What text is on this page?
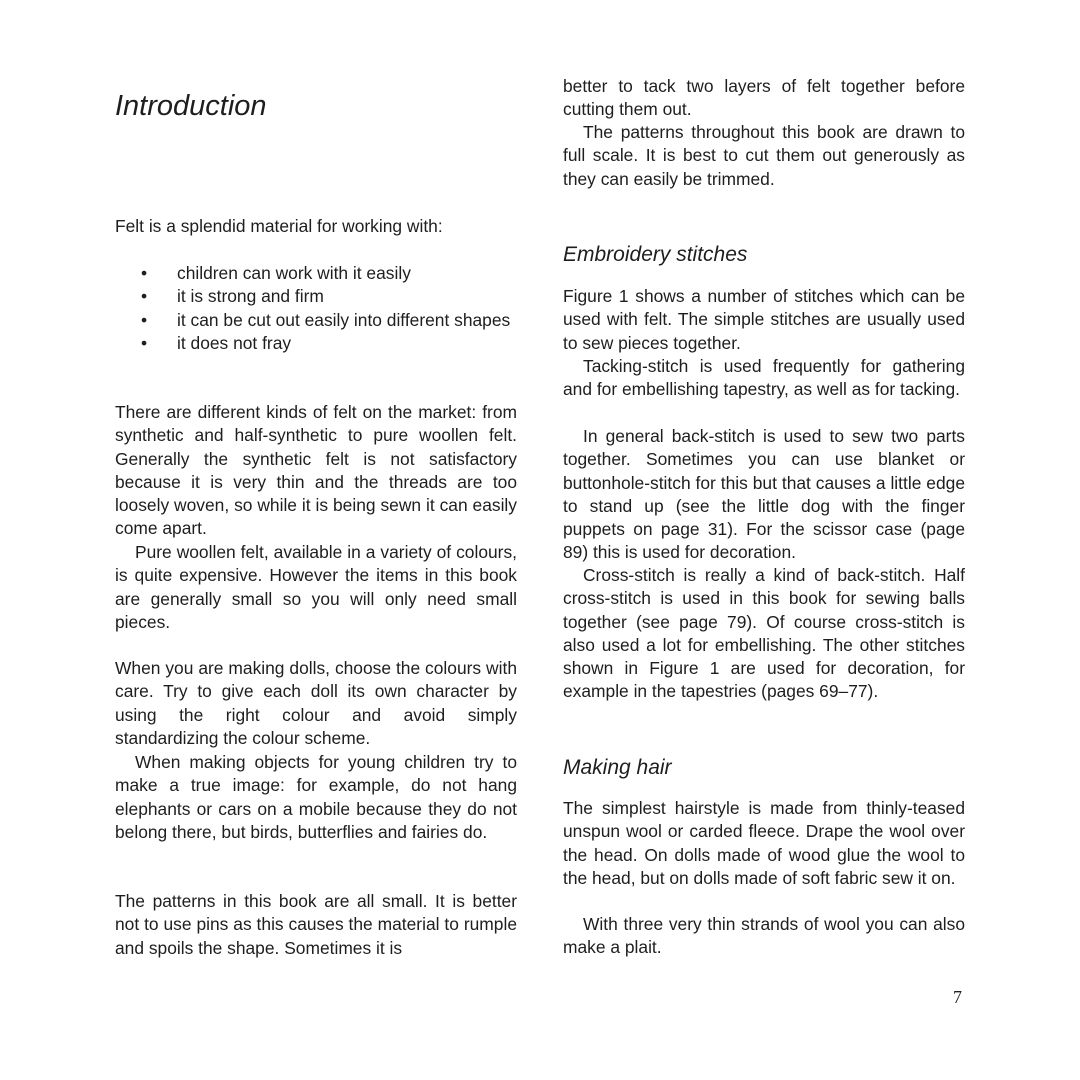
Introduction

Felt is a splendid material for working with:

• children can work with it easily
• it is strong and firm
• it can be cut out easily into different shapes
• it does not fray

There are different kinds of felt on the market: from synthetic and half-synthetic to pure woollen felt. Generally the synthetic felt is not satisfactory because it is very thin and the threads are too loosely woven, so while it is being sewn it can easily come apart.

Pure woollen felt, available in a variety of colours, is quite expensive. However the items in this book are generally small so you will only need small pieces.

When you are making dolls, choose the colours with care. Try to give each doll its own character by using the right colour and avoid simply standardizing the colour scheme.

When making objects for young children try to make a true image: for example, do not hang elephants or cars on a mobile because they do not belong there, but birds, butterflies and fairies do.

The patterns in this book are all small. It is better not to use pins as this causes the material to rumple and spoils the shape. Sometimes it is

better to tack two layers of felt together before cutting them out.

The patterns throughout this book are drawn to full scale. It is best to cut them out generously as they can easily be trimmed.

Embroidery stitches

Figure 1 shows a number of stitches which can be used with felt. The simple stitches are usually used to sew pieces together.

Tacking-stitch is used frequently for gathering and for embellishing tapestry, as well as for tacking.

In general back-stitch is used to sew two parts together. Sometimes you can use blanket or buttonhole-stitch for this but that causes a little edge to stand up (see the little dog with the finger puppets on page 31). For the scissor case (page 89) this is used for decoration.

Cross-stitch is really a kind of back-stitch. Half cross-stitch is used in this book for sewing balls together (see page 79). Of course cross-stitch is also used a lot for embellishing. The other stitches shown in Figure 1 are used for decoration, for example in the tapestries (pages 69–77).

Making hair

The simplest hairstyle is made from thinly-teased unspun wool or carded fleece. Drape the wool over the head. On dolls made of wood glue the wool to the head, but on dolls made of soft fabric sew it on.

With three very thin strands of wool you can also make a plait.

7
